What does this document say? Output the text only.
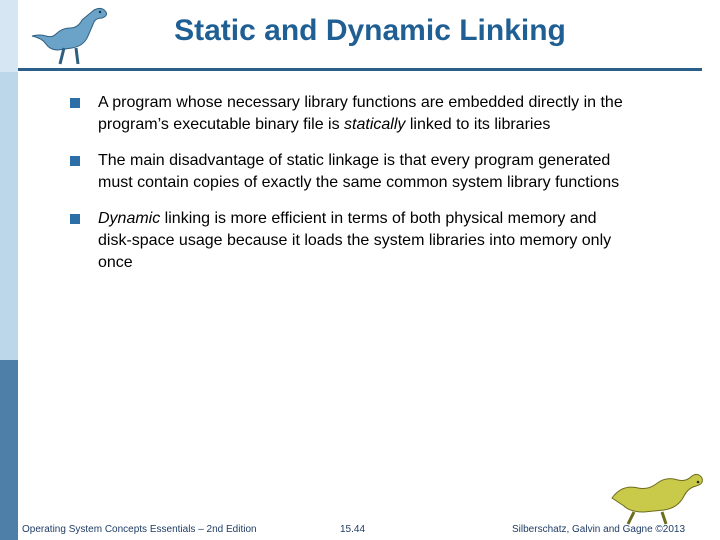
Static and Dynamic Linking
A program whose necessary library functions are embedded directly in the program’s executable binary file is statically linked to its libraries
The main disadvantage of static linkage is that every program generated must contain copies of exactly the same common system library functions
Dynamic linking is more efficient in terms of both physical memory and disk-space usage because it loads the system libraries into memory only once
Operating System Concepts Essentials – 2nd Edition	15.44	Silberschatz, Galvin and Gagne ©2013
